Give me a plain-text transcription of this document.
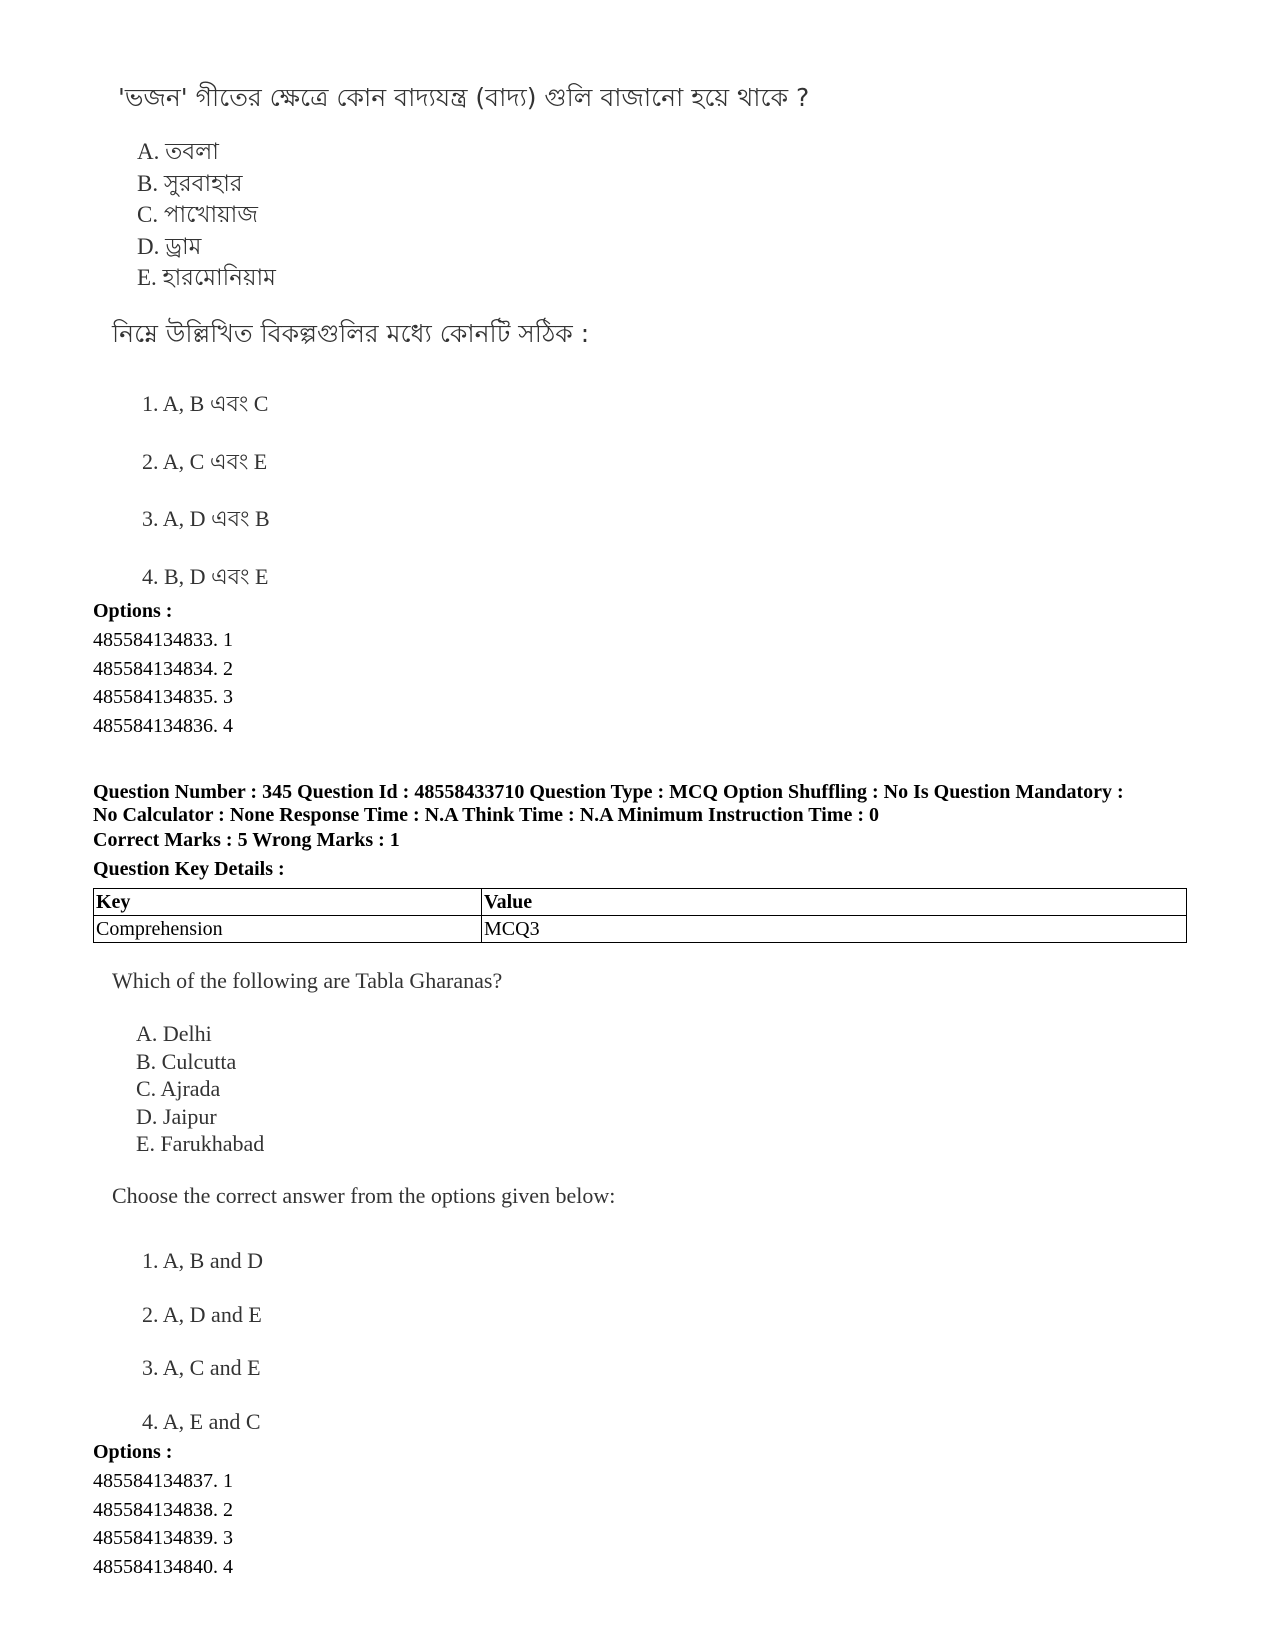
'ভজন' গীতের ক্ষেত্রে কোন বাদ্যযন্ত্র (বাদ্য) গুলি বাজানো হয়ে থাকে ?
A. তবলা
B. সুরবাহার
C. পাখোয়াজ
D. ড্রাম
E. হারমোনিয়াম
নিম্নে উল্লিখিত বিকল্পগুলির মধ্যে কোনটি সঠিক :
1. A, B এবং C
2. A, C এবং E
3. A, D এবং B
4. B, D এবং E
Options :
485584134833. 1
485584134834. 2
485584134835. 3
485584134836. 4
Question Number : 345 Question Id : 48558433710 Question Type : MCQ Option Shuffling : No Is Question Mandatory :
No Calculator : None Response Time : N.A Think Time : N.A Minimum Instruction Time : 0
Correct Marks : 5 Wrong Marks : 1
Question Key Details :
Key	Value
Comprehension	MCQ3
Which of the following are Tabla Gharanas?
A. Delhi
B. Culcutta
C. Ajrada
D. Jaipur
E. Farukhabad
Choose the correct answer from the options given below:
1. A, B and D
2. A, D and E
3. A, C and E
4. A, E and C
Options :
485584134837. 1
485584134838. 2
485584134839. 3
485584134840. 4
